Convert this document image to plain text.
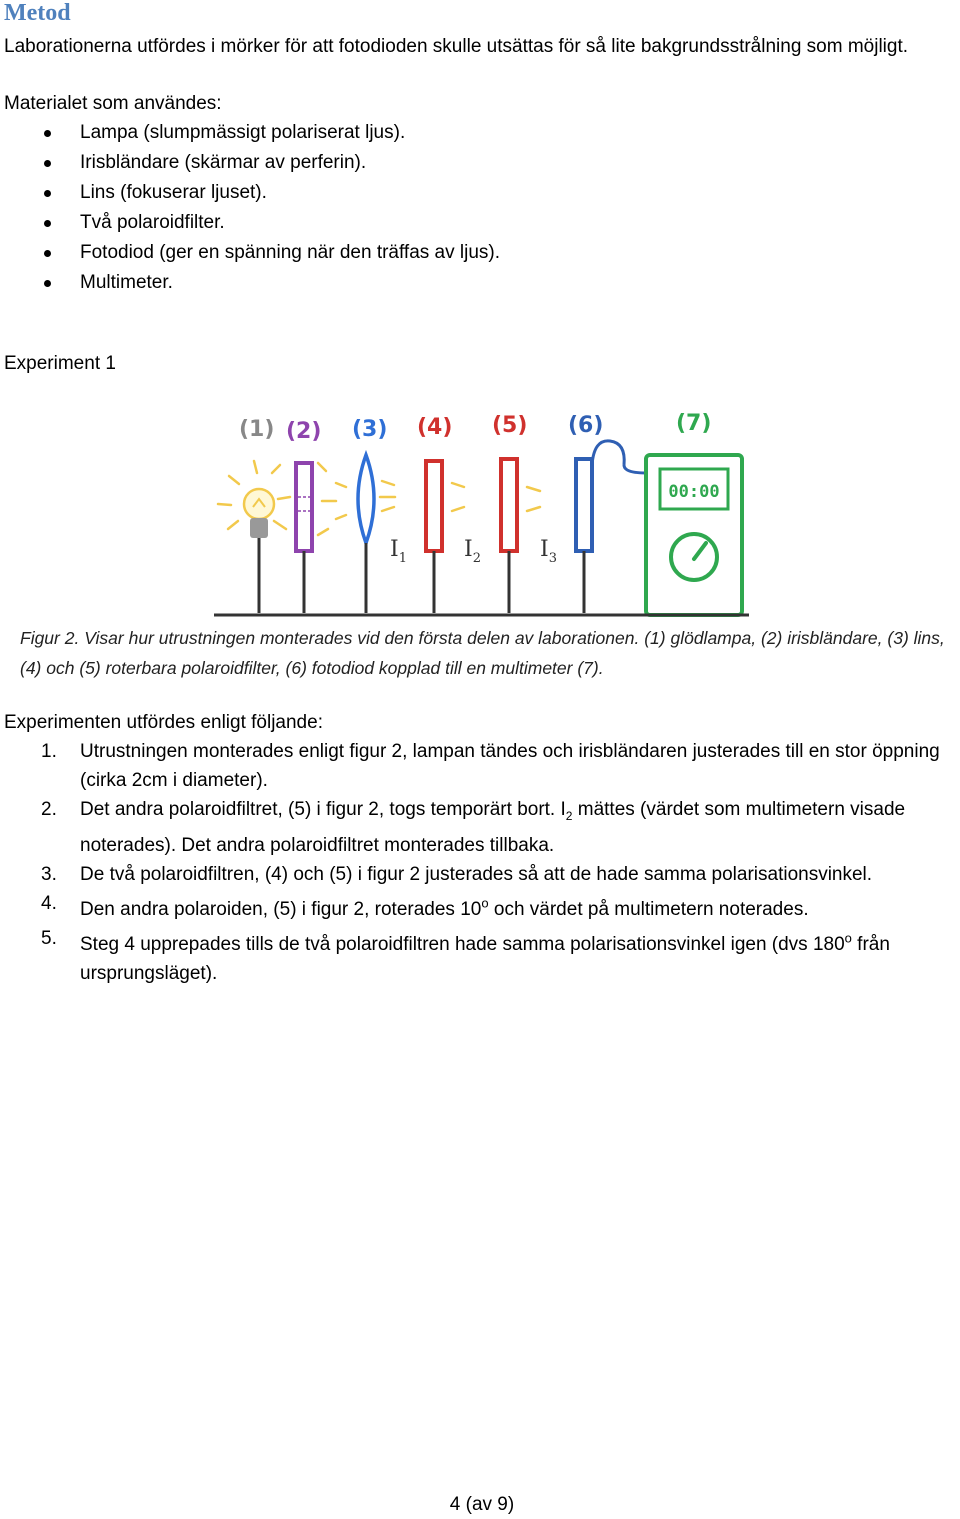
Metod
Laborationerna utfördes i mörker för att fotodioden skulle utsättas för så lite bakgrundsstrålning som möjligt.
Materialet som användes:
Lampa (slumpmässigt polariserat ljus).
Irisbländare (skärmar av perferin).
Lins (fokuserar ljuset).
Två polaroidfilter.
Fotodiod (ger en spänning när den träffas av ljus).
Multimeter.
Experiment 1
(1) (2) (3) (4) (5) (6)	(7)
$I_1$	$I_2$	$I_3$
00:00
Figur 2. Visar hur utrustningen monterades vid den första delen av laborationen. (1) glödlampa, (2) irisbländare, (3) lins, (4) och (5) roterbara polaroidfilter, (6) fotodiod kopplad till en multimeter (7).
Experimenten utfördes enligt följande:
1. Utrustningen monterades enligt figur 2, lampan tändes och irisbländaren justerades till en stor öppning (cirka 2cm i diameter).
2. Det andra polaroidfiltret, (5) i figur 2, togs temporärt bort. $I_2$ mättes (värdet som multimetern visade noterades). Det andra polaroidfiltret monterades tillbaka.
3. De två polaroidfiltren, (4) och (5) i figur 2 justerades så att de hade samma polarisationsvinkel.
4. Den andra polaroiden, (5) i figur 2, roterades 10$^o$ och värdet på multimetern noterades.
5. Steg 4 upprepades tills de två polaroidfiltren hade samma polarisationsvinkel igen (dvs 180$^o$ från ursprungsläget).
4 (av 9)
